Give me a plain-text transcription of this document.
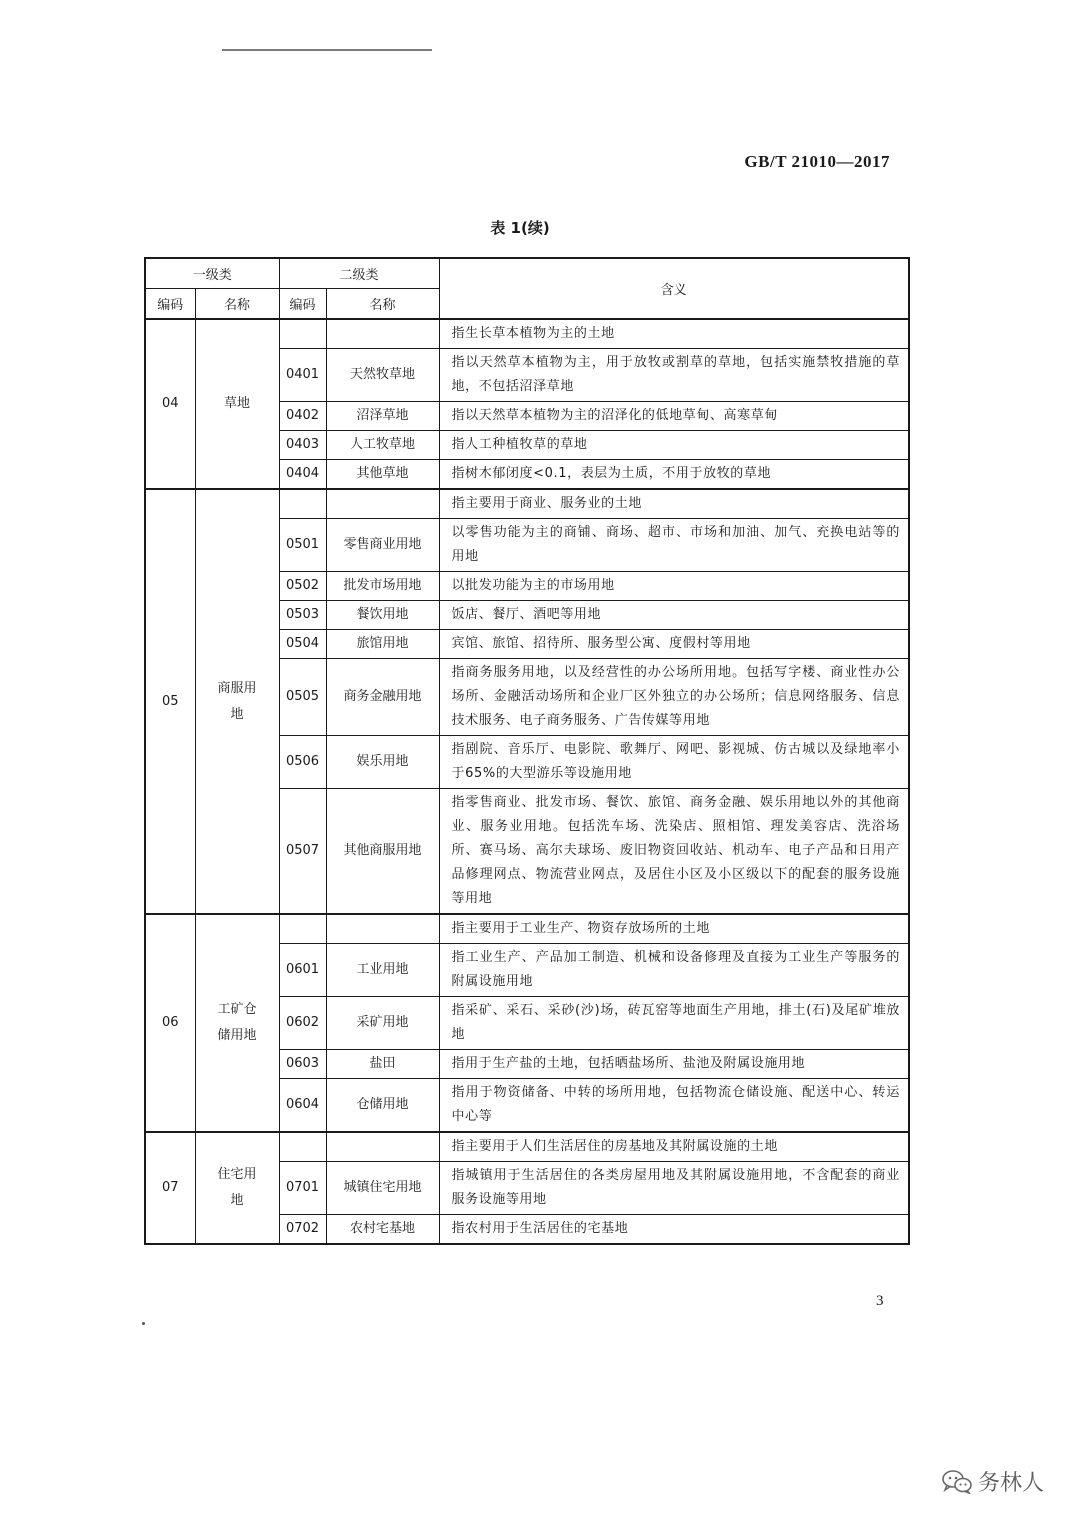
GB/T 21010—2017
表 1(续)
一级类		二级类		含义
编码	名称	编码	名称	
04	草地			指生长草本植物为主的土地
		0401	天然牧草地	指以天然草本植物为主，用于放牧或割草的草地，包括实施禁牧措施的草地，不包括沼泽草地
		0402	沼泽草地	指以天然草本植物为主的沼泽化的低地草甸、高寒草甸
		0403	人工牧草地	指人工种植牧草的草地
		0404	其他草地	指树木郁闭度<0.1，表层为土质，不用于放牧的草地
05	商服用地			指主要用于商业、服务业的土地
		0501	零售商业用地	以零售功能为主的商铺、商场、超市、市场和加油、加气、充换电站等的用地
		0502	批发市场用地	以批发功能为主的市场用地
		0503	餐饮用地	饭店、餐厅、酒吧等用地
		0504	旅馆用地	宾馆、旅馆、招待所、服务型公寓、度假村等用地
		0505	商务金融用地	指商务服务用地，以及经营性的办公场所用地。包括写字楼、商业性办公场所、金融活动场所和企业厂区外独立的办公场所；信息网络服务、信息技术服务、电子商务服务、广告传媒等用地
		0506	娱乐用地	指剧院、音乐厅、电影院、歌舞厅、网吧、影视城、仿古城以及绿地率小于65%的大型游乐等设施用地
		0507	其他商服用地	指零售商业、批发市场、餐饮、旅馆、商务金融、娱乐用地以外的其他商业、服务业用地。包括洗车场、洗染店、照相馆、理发美容店、洗浴场所、赛马场、高尔夫球场、废旧物资回收站、机动车、电子产品和日用产品修理网点、物流营业网点，及居住小区及小区级以下的配套的服务设施等用地
06	工矿仓储用地			指主要用于工业生产、物资存放场所的土地
		0601	工业用地	指工业生产、产品加工制造、机械和设备修理及直接为工业生产等服务的附属设施用地
		0602	采矿用地	指采矿、采石、采砂(沙)场，砖瓦窑等地面生产用地，排土(石)及尾矿堆放地
		0603	盐田	指用于生产盐的土地，包括晒盐场所、盐池及附属设施用地
		0604	仓储用地	指用于物资储备、中转的场所用地，包括物流仓储设施、配送中心、转运中心等
07	住宅用地			指主要用于人们生活居住的房基地及其附属设施的土地
		0701	城镇住宅用地	指城镇用于生活居住的各类房屋用地及其附属设施用地，不含配套的商业服务设施等用地
		0702	农村宅基地	指农村用于生活居住的宅基地
3
务林人
